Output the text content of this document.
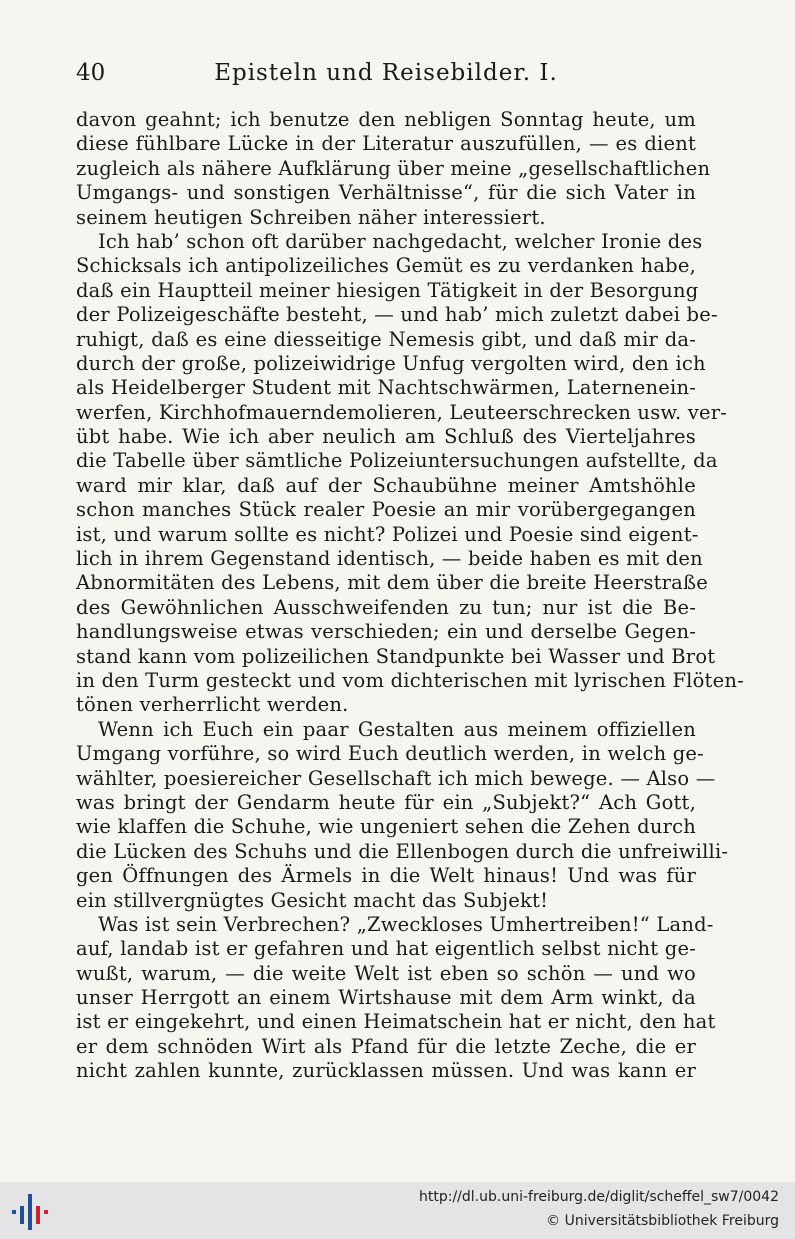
40	Episteln und Reisebilder. I.
davon geahnt; ich benutze den nebligen Sonntag heute, um
diese fühlbare Lücke in der Literatur auszufüllen, — es dient
zugleich als nähere Aufklärung über meine „gesellschaftlichen
Umgangs- und sonstigen Verhältnisse“, für die sich Vater in
seinem heutigen Schreiben näher interessiert.
Ich hab’ schon oft darüber nachgedacht, welcher Ironie des
Schicksals ich antipolizeiliches Gemüt es zu verdanken habe,
daß ein Hauptteil meiner hiesigen Tätigkeit in der Besorgung
der Polizeigeschäfte besteht, — und hab’ mich zuletzt dabei be-
ruhigt, daß es eine diesseitige Nemesis gibt, und daß mir da-
durch der große, polizeiwidrige Unfug vergolten wird, den ich
als Heidelberger Student mit Nachtschwärmen, Laternenein-
werfen, Kirchhofmauerndemolieren, Leuteerschrecken usw. ver-
übt habe. Wie ich aber neulich am Schluß des Vierteljahres
die Tabelle über sämtliche Polizeiuntersuchungen aufstellte, da
ward mir klar, daß auf der Schaubühne meiner Amtshöhle
schon manches Stück realer Poesie an mir vorübergegangen
ist, und warum sollte es nicht? Polizei und Poesie sind eigent-
lich in ihrem Gegenstand identisch, — beide haben es mit den
Abnormitäten des Lebens, mit dem über die breite Heerstraße
des Gewöhnlichen Ausschweifenden zu tun; nur ist die Be-
handlungsweise etwas verschieden; ein und derselbe Gegen-
stand kann vom polizeilichen Standpunkte bei Wasser und Brot
in den Turm gesteckt und vom dichterischen mit lyrischen Flöten-
tönen verherrlicht werden.
Wenn ich Euch ein paar Gestalten aus meinem offiziellen
Umgang vorführe, so wird Euch deutlich werden, in welch ge-
wählter, poesiereicher Gesellschaft ich mich bewege. — Also —
was bringt der Gendarm heute für ein „Subjekt?“ Ach Gott,
wie klaffen die Schuhe, wie ungeniert sehen die Zehen durch
die Lücken des Schuhs und die Ellenbogen durch die unfreiwilli-
gen Öffnungen des Ärmels in die Welt hinaus! Und was für
ein stillvergnügtes Gesicht macht das Subjekt!
Was ist sein Verbrechen? „Zweckloses Umhertreiben!“ Land-
auf, landab ist er gefahren und hat eigentlich selbst nicht ge-
wußt, warum, — die weite Welt ist eben so schön — und wo
unser Herrgott an einem Wirtshause mit dem Arm winkt, da
ist er eingekehrt, und einen Heimatschein hat er nicht, den hat
er dem schnöden Wirt als Pfand für die letzte Zeche, die er
nicht zahlen kunnte, zurücklassen müssen. Und was kann er
http://dl.ub.uni-freiburg.de/diglit/scheffel_sw7/0042
© Universitätsbibliothek Freiburg
